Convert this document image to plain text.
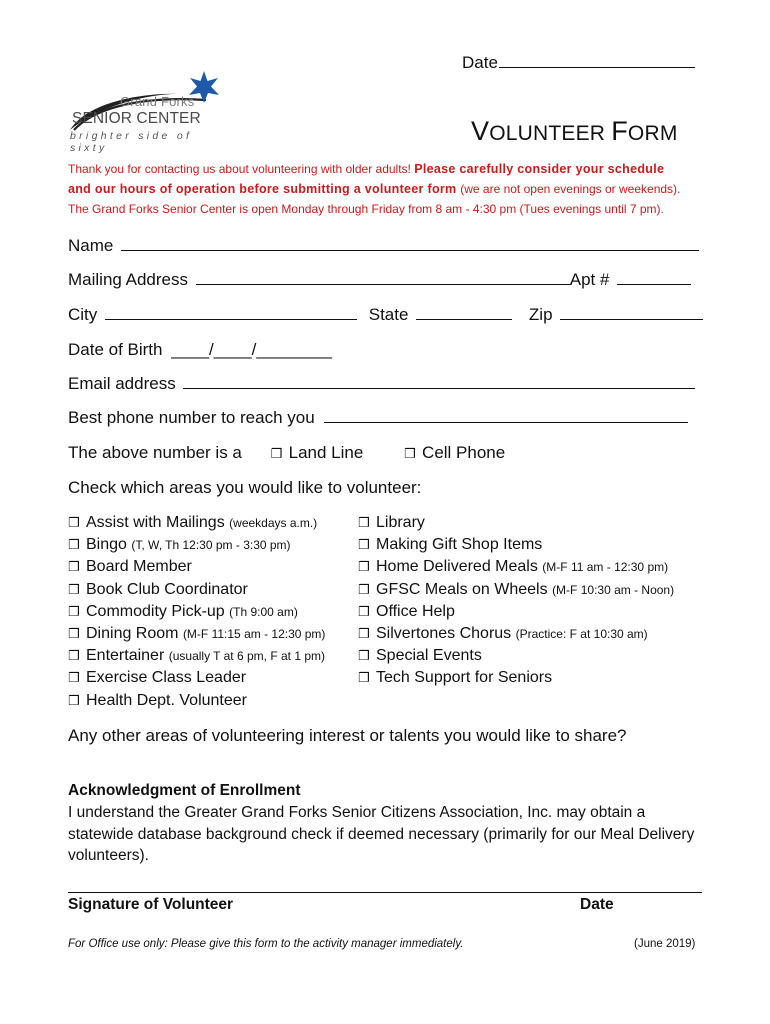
Date
Grand Forks
SENIOR CENTER
brighter side of sixty
VOLUNTEER FORM
Thank you for contacting us about volunteering with older adults! Please carefully consider your schedule
and our hours of operation before submitting a volunteer form (we are not open evenings or weekends).
The Grand Forks Senior Center is open Monday through Friday from 8 am - 4:30 pm (Tues evenings until 7 pm).
Name
Mailing Address	Apt #
City	State	Zip
Date of Birth ____/____/________
Email address
Best phone number to reach you
The above number is a ❒ Land Line	❒ Cell Phone
Check which areas you would like to volunteer:
❒ Assist with Mailings (weekdays a.m.)
❒ Bingo (T, W, Th 12:30 pm - 3:30 pm)
❒ Board Member
❒ Book Club Coordinator
❒ Commodity Pick-up (Th 9:00 am)
❒ Dining Room (M-F 11:15 am - 12:30 pm)
❒ Entertainer (usually T at 6 pm, F at 1 pm)
❒ Exercise Class Leader
❒ Health Dept. Volunteer
❒ Library
❒ Making Gift Shop Items
❒ Home Delivered Meals (M-F 11 am - 12:30 pm)
❒ GFSC Meals on Wheels (M-F 10:30 am - Noon)
❒ Office Help
❒ Silvertones Chorus (Practice: F at 10:30 am)
❒ Special Events
❒ Tech Support for Seniors
Any other areas of volunteering interest or talents you would like to share?
Acknowledgment of Enrollment
I understand the Greater Grand Forks Senior Citizens Association, Inc. may obtain a statewide database background check if deemed necessary (primarily for our Meal Delivery volunteers).
Signature of Volunteer	Date
For Office use only: Please give this form to the activity manager immediately.	(June 2019)
